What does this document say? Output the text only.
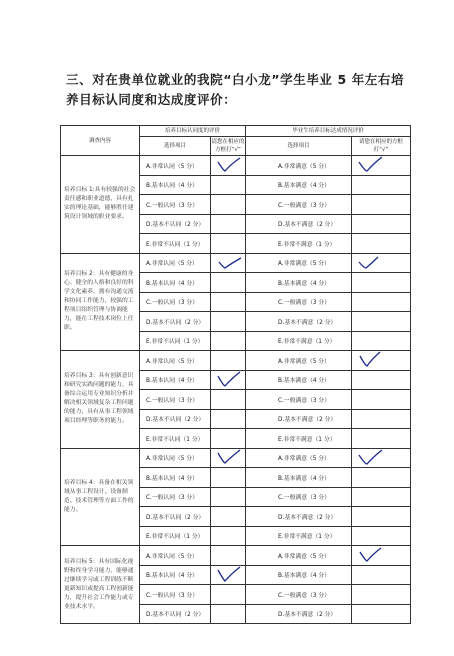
三、对在贵单位就业的我院“白小龙”学生毕业 5 年左右培养目标认同度和达成度评价：
调查内容	培养目标认同度的评价		毕业生培养目标达成情况评价	
	选择项目	请您在相应的方框打“√”	选择项目	请您在相应的方框打“√”
培养目标 1:具有较强的社会责任感和职业道德，具有扎实的理论基础，能够胜任建筑设计领域的职业要求。	A.非常认同（5 分）		A.非常满意（5 分）	

	B.基本认同（4 分）		B.基本满意（4 分）	
	C.一般认同（3 分）		C.一般满意（3 分）	
	D.基本不认同（2 分）		D.基本不满意（2 分）	
	E.非常不认同（1 分）		E.非常不满意（1 分）	
培养目标 2：具有健康的身心、健全的人格和良好的科学文化素养，拥有沟通交流和协同工作能力，较强的工程项目组织管理与协调能力，能在工程技术岗位上任职。	A.非常认同（5 分）		A.非常满意（5 分）	

	B.基本认同（4 分）		B.基本满意（4 分）	
	C.一般认同（3 分）		C.一般满意（3 分）	
	D.基本不认同（2 分）		D.基本不满意（2 分）	
	E.非常不认同（1 分）		E.非常不满意（1 分）	
培养目标 3：具有创新意识和研究实践问题的能力，具备综合运用专业知识分析并解决相关领域复杂工程问题的能力，具有从事工程领域项目经理等职务的能力。	A.非常认同（5 分）		A.非常满意（5 分）	

	B.基本认同（4 分）		B.基本满意（4 分）	
	C.一般认同（3 分）		C.一般满意（3 分）	
	D.基本不认同（2 分）		D.基本不满意（2 分）	
	E.非常不认同（1 分）		E.非常不满意（1 分）	
培养目标 4：具备在相关领域从事工程设计、设备制造、技术管理等方面工作的能力。	A.非常认同（5 分）		A.非常满意（5 分）	

	B.基本认同（4 分）		B.基本满意（4 分）	
	C.一般认同（3 分）		C.一般满意（3 分）	
	D.基本不认同（2 分）		D.基本不满意（2 分）	
	E.非常不认同（1 分）		E.非常不满意（1 分）	
培养目标 5：具有国际化视野和终身学习能力，能够通过继续学习或工程训练不断更新知识或提高工程创新能力，提升社会工作能力或专业技术水平。	A.非常认同（5 分）		A.非常满意（5 分）	

	B.基本认同（4 分）		B.基本满意（4 分）	
	C.一般认同（3 分）		C.一般满意（3 分）	
	D.基本不认同（2 分）		D.基本不满意（2 分）	
